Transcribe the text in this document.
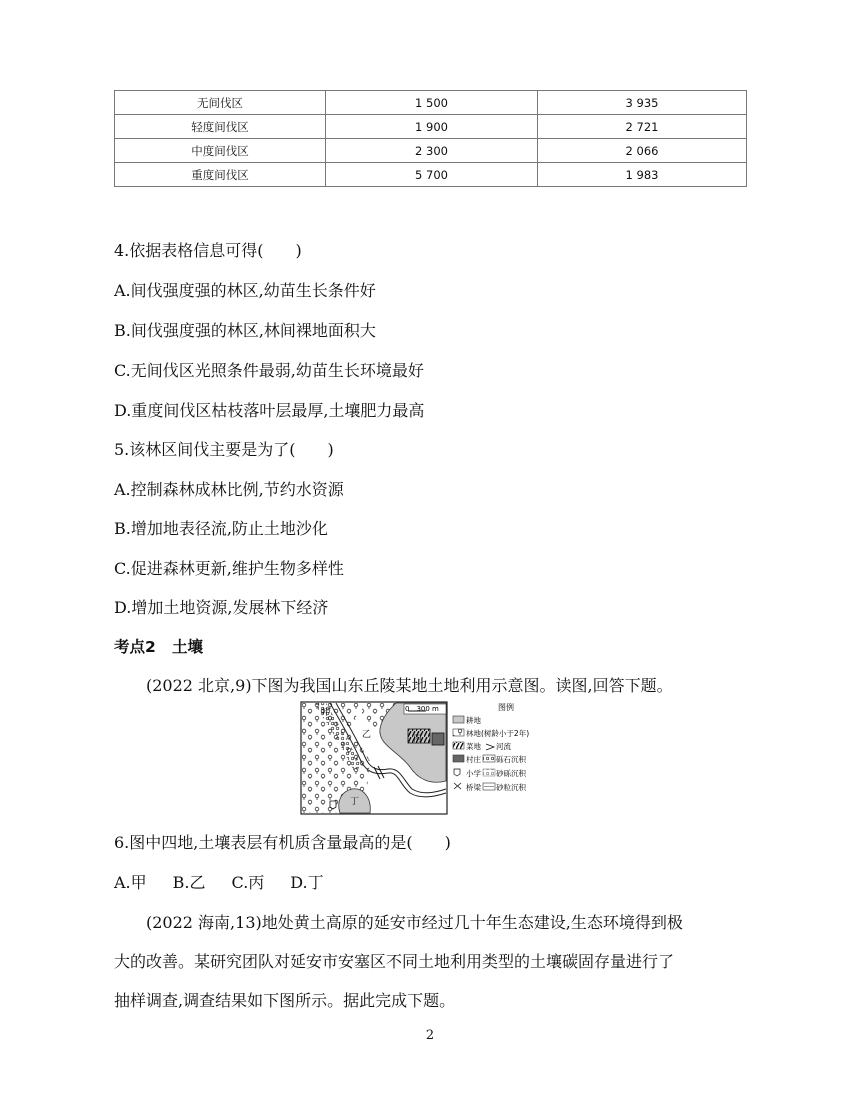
无间伐区	1 500	3 935
轻度间伐区	1 900	2 721
中度间伐区	2 300	2 066
重度间伐区	5 700	1 983
4.依据表格信息可得(　　)
A.间伐强度强的林区,幼苗生长条件好
B.间伐强度强的林区,林间裸地面积大
C.无间伐区光照条件最弱,幼苗生长环境最好
D.重度间伐区枯枝落叶层最厚,土壤肥力最高
5.该林区间伐主要是为了(　　)
A.控制森林成林比例,节约水资源
B.增加地表径流,防止土地沙化
C.促进森林更新,维护生物多样性
D.增加土地资源,发展林下经济
考点2 土壤
(2022 北京,9)下图为我国山东丘陵某地土地利用示意图。读图,回答下题。
0　300 m
甲
乙	丙
丁
图例
耕地
林地(树龄小于2年)
菜地 河流
村庄 砾石沉积
小学 砂砾沉积
桥梁 砂粒沉积
6.图中四地,土壤表层有机质含量最高的是(　　)
A.甲 B.乙 C.丙 D.丁
(2022 海南,13)地处黄土高原的延安市经过几十年生态建设,生态环境得到极
大的改善。某研究团队对延安市安塞区不同土地利用类型的土壤碳固存量进行了
抽样调查,调查结果如下图所示。据此完成下题。
2
